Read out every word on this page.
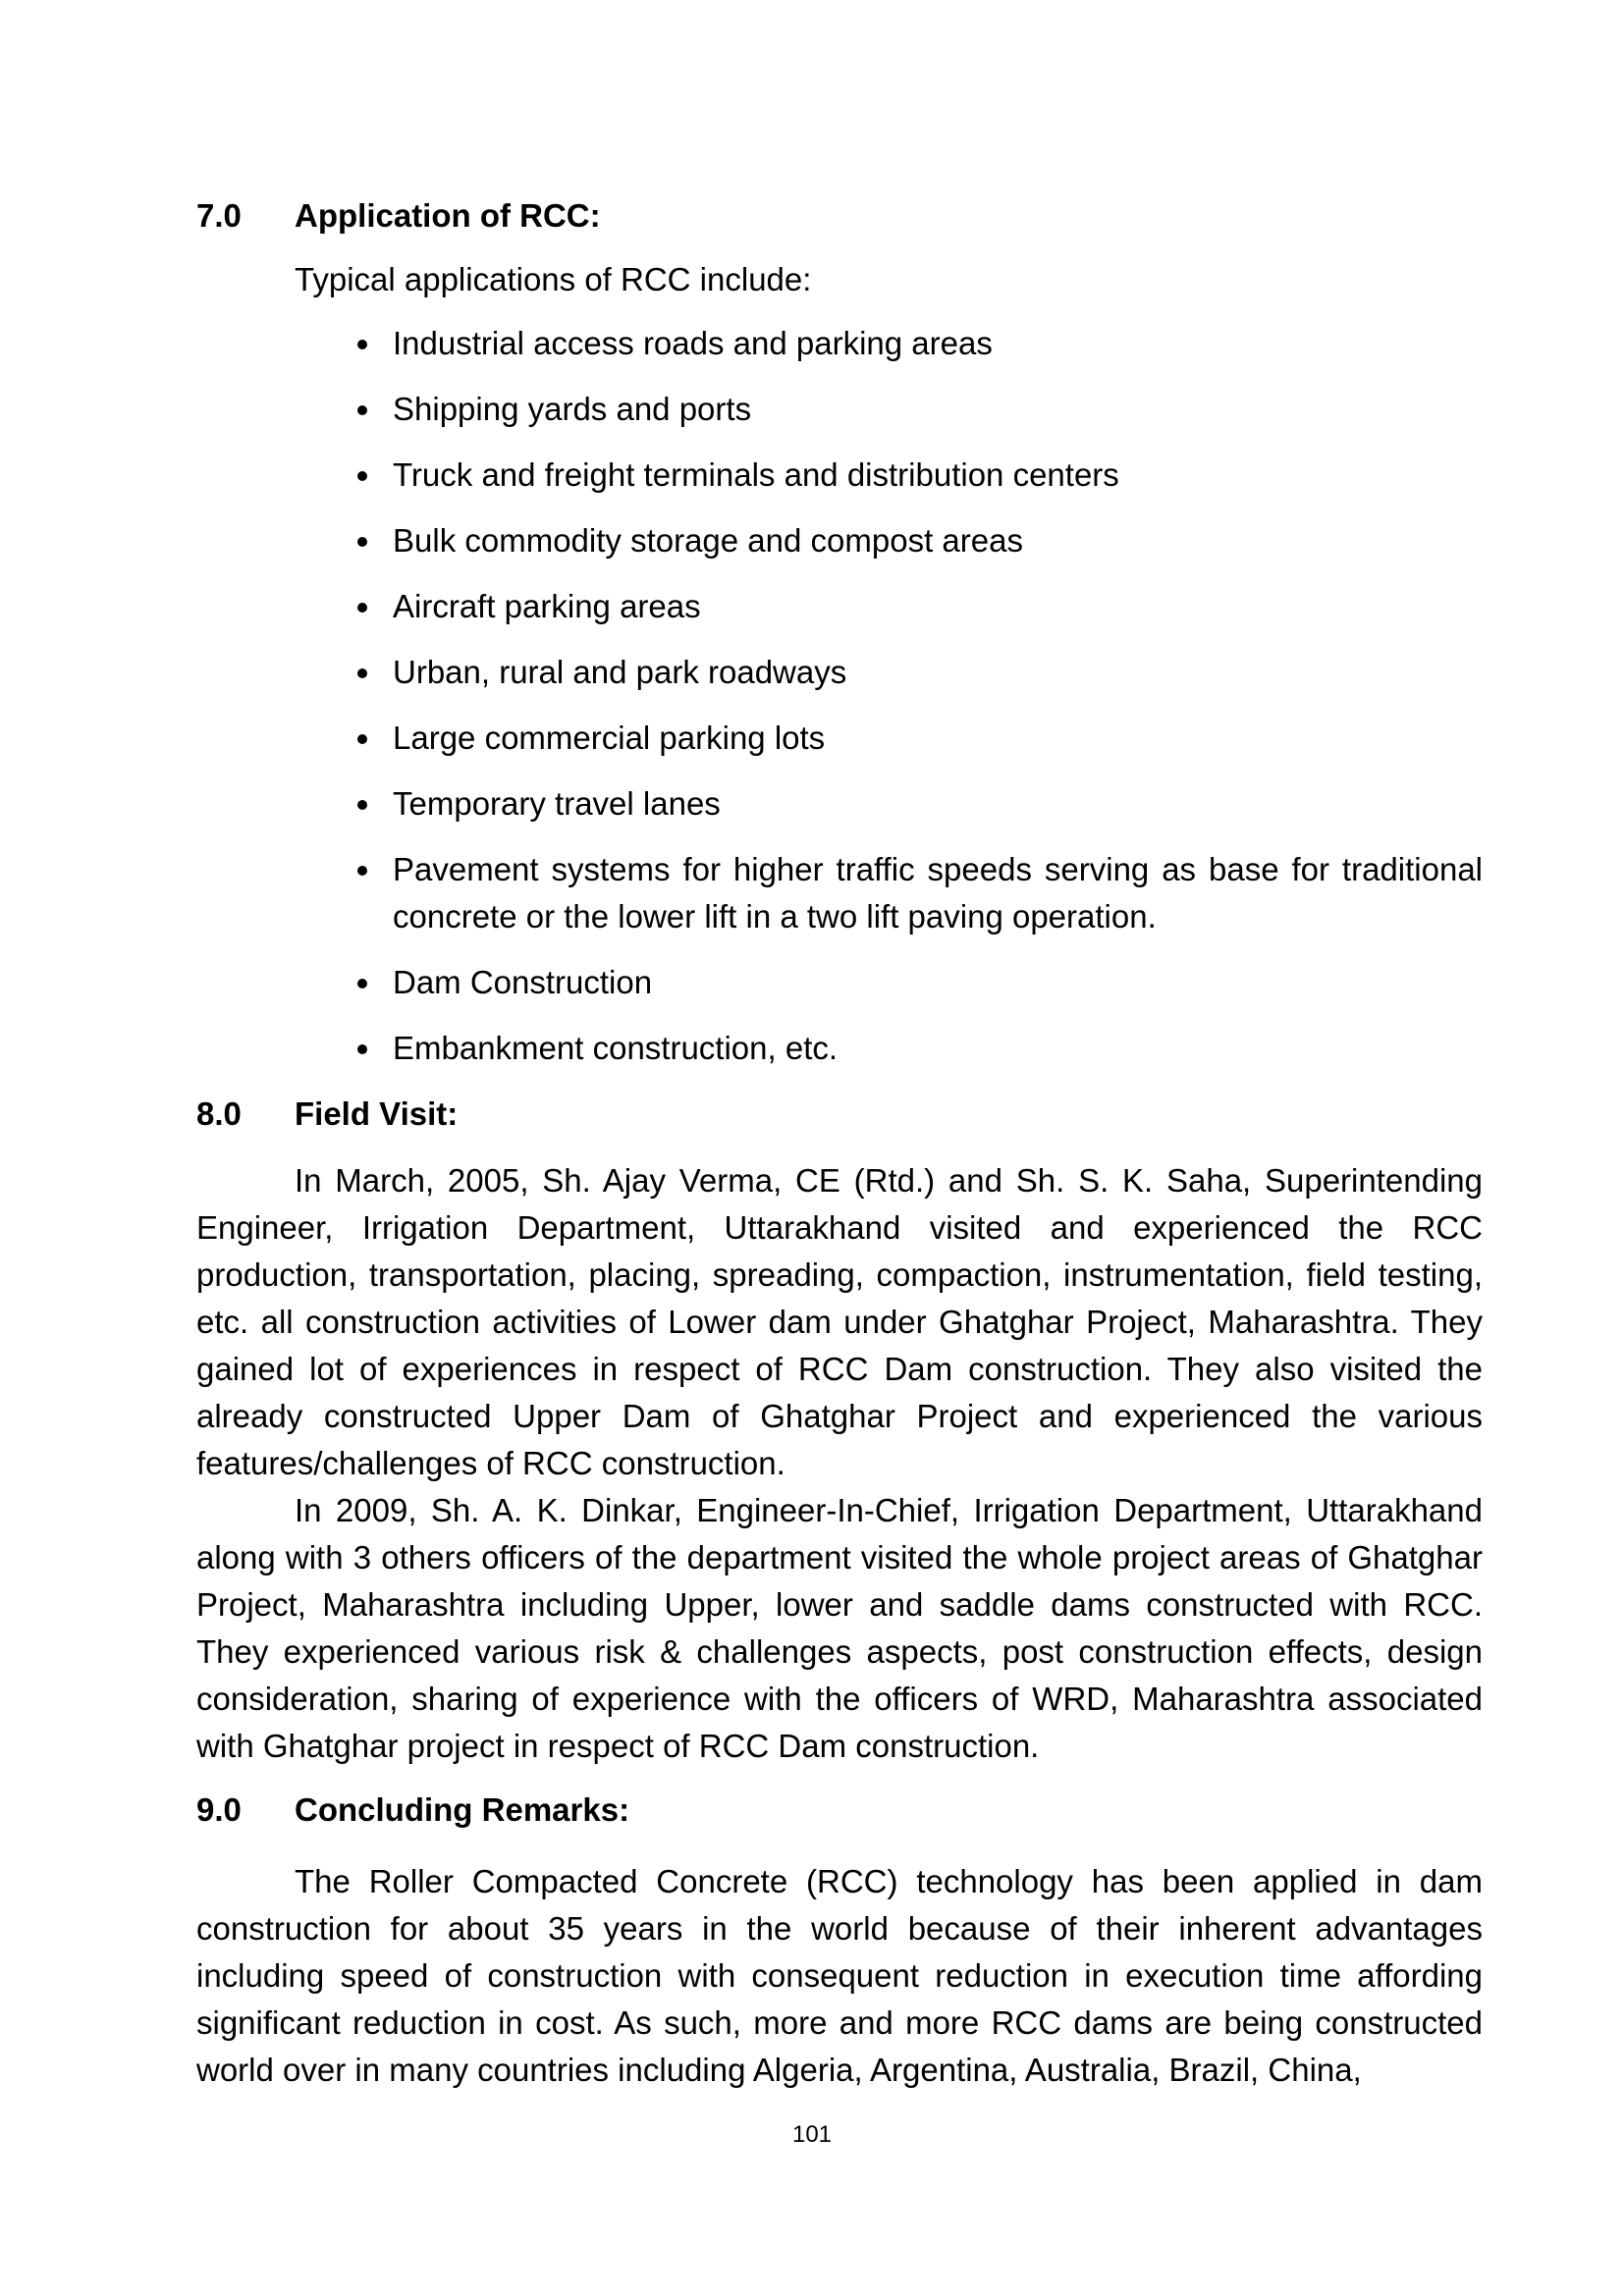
7.0 Application of RCC:
Typical applications of RCC include:
Industrial access roads and parking areas
Shipping yards and ports
Truck and freight terminals and distribution centers
Bulk commodity storage and compost areas
Aircraft parking areas
Urban, rural and park roadways
Large commercial parking lots
Temporary travel lanes
Pavement systems for higher traffic speeds serving as base for traditional concrete or the lower lift in a two lift paving operation.
Dam Construction
Embankment construction, etc.
8.0 Field Visit:

In March, 2005, Sh. Ajay Verma, CE (Rtd.) and Sh. S. K. Saha, Superintending Engineer, Irrigation Department, Uttarakhand visited and experienced the RCC production, transportation, placing, spreading, compaction, instrumentation, field testing, etc. all construction activities of Lower dam under Ghatghar Project, Maharashtra. They gained lot of experiences in respect of RCC Dam construction. They also visited the already constructed Upper Dam of Ghatghar Project and experienced the various features/challenges of RCC construction.

In 2009, Sh. A. K. Dinkar, Engineer-In-Chief, Irrigation Department, Uttarakhand along with 3 others officers of the department visited the whole project areas of Ghatghar Project, Maharashtra including Upper, lower and saddle dams constructed with RCC. They experienced various risk & challenges aspects, post construction effects, design consideration, sharing of experience with the officers of WRD, Maharashtra associated with Ghatghar project in respect of RCC Dam construction.

9.0 Concluding Remarks:

The Roller Compacted Concrete (RCC) technology has been applied in dam construction for about 35 years in the world because of their inherent advantages including speed of construction with consequent reduction in execution time affording significant reduction in cost. As such, more and more RCC dams are being constructed world over in many countries including Algeria, Argentina, Australia, Brazil, China,

101
